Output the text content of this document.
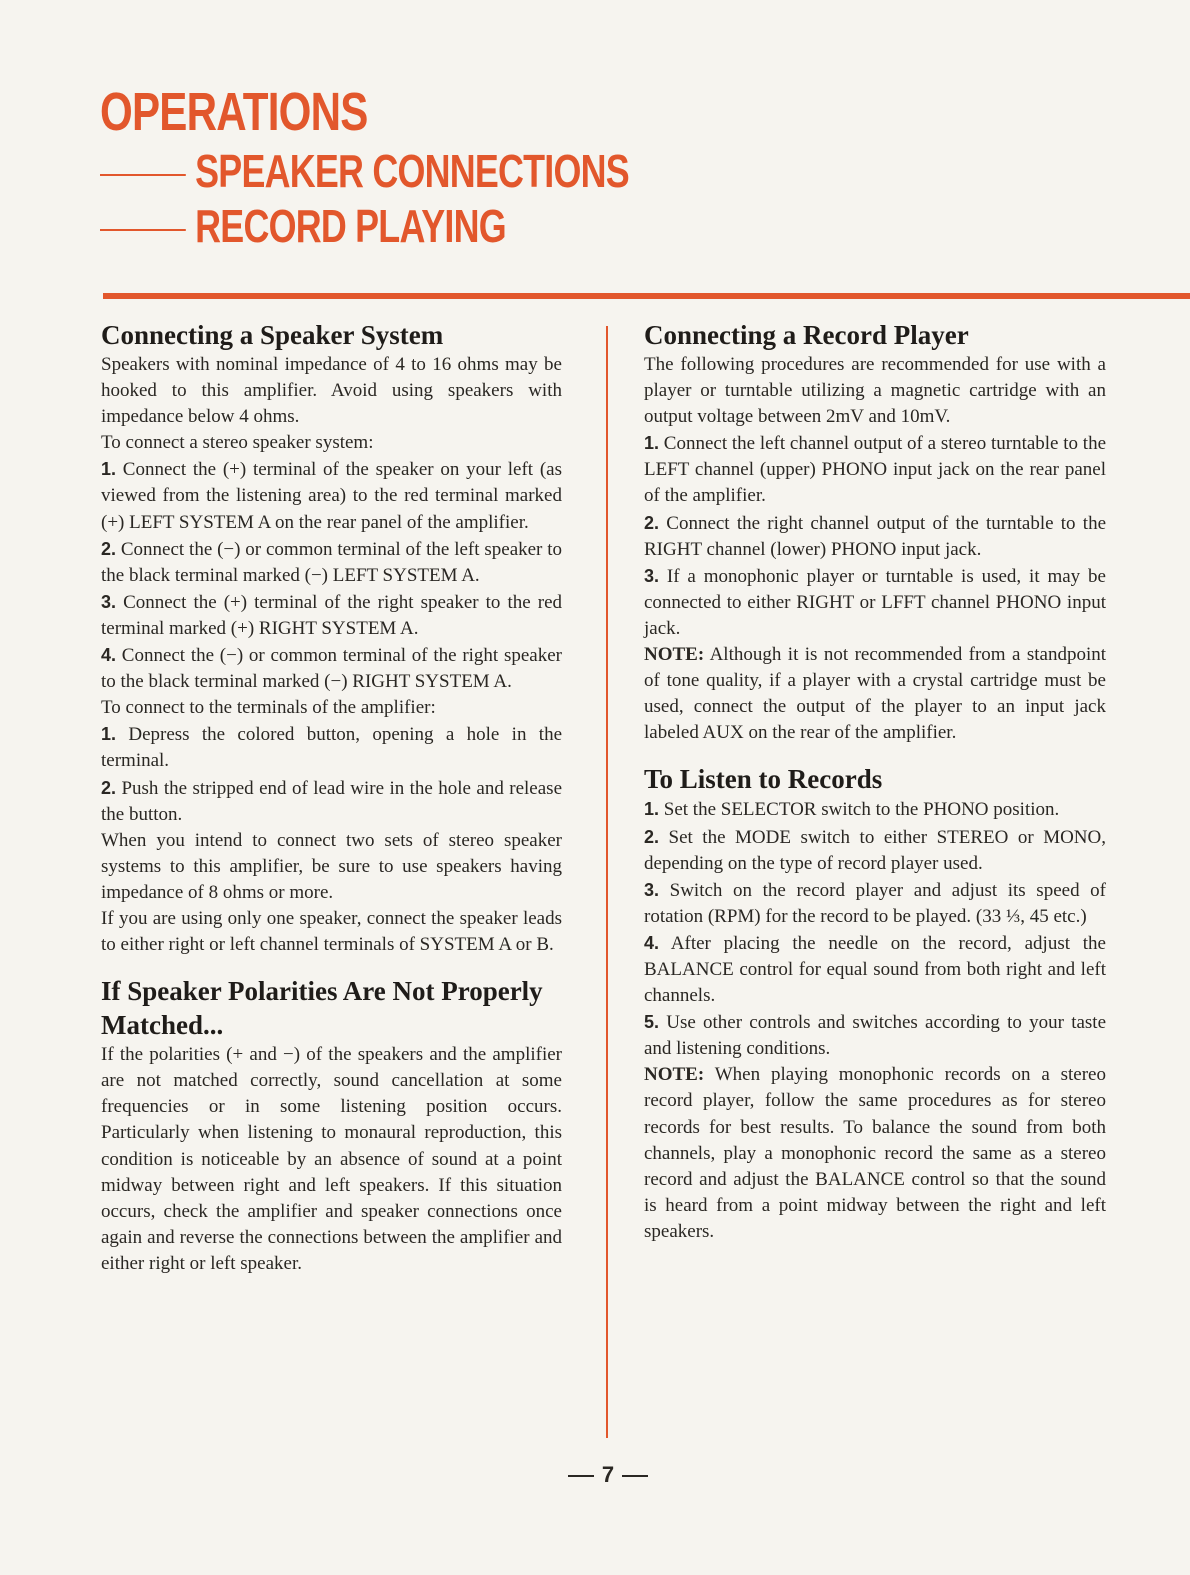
OPERATIONS
SPEAKER CONNECTIONS
RECORD PLAYING
Connecting a Speaker System

Speakers with nominal impedance of 4 to 16 ohms may be hooked to this amplifier. Avoid using speakers with impedance below 4 ohms.

To connect a stereo speaker system:

1. Connect the (+) terminal of the speaker on your left (as viewed from the listening area) to the red terminal marked (+) LEFT SYSTEM A on the rear panel of the amplifier.

2. Connect the (−) or common terminal of the left speaker to the black terminal marked (−) LEFT SYSTEM A.

3. Connect the (+) terminal of the right speaker to the red terminal marked (+) RIGHT SYSTEM A.

4. Connect the (−) or common terminal of the right speaker to the black terminal marked (−) RIGHT SYSTEM A.

To connect to the terminals of the amplifier:

1. Depress the colored button, opening a hole in the terminal.

2. Push the stripped end of lead wire in the hole and release the button.

When you intend to connect two sets of stereo speaker systems to this amplifier, be sure to use speakers having impedance of 8 ohms or more.

If you are using only one speaker, connect the speaker leads to either right or left channel terminals of SYSTEM A or B.

If Speaker Polarities Are Not Properly Matched...

If the polarities (+ and −) of the speakers and the amplifier are not matched correctly, sound cancellation at some frequencies or in some listening position occurs. Particularly when listening to monaural reproduction, this condition is noticeable by an absence of sound at a point midway between right and left speakers. If this situation occurs, check the amplifier and speaker connections once again and reverse the connections between the amplifier and either right or left speaker.

Connecting a Record Player

The following procedures are recommended for use with a player or turntable utilizing a magnetic cartridge with an output voltage between 2mV and 10mV.

1. Connect the left channel output of a stereo turntable to the LEFT channel (upper) PHONO input jack on the rear panel of the amplifier.

2. Connect the right channel output of the turntable to the RIGHT channel (lower) PHONO input jack.

3. If a monophonic player or turntable is used, it may be connected to either RIGHT or LFFT channel PHONO input jack.

NOTE: Although it is not recommended from a standpoint of tone quality, if a player with a crystal cartridge must be used, connect the output of the player to an input jack labeled AUX on the rear of the amplifier.

To Listen to Records

1. Set the SELECTOR switch to the PHONO position.

2. Set the MODE switch to either STEREO or MONO, depending on the type of record player used.

3. Switch on the record player and adjust its speed of rotation (RPM) for the record to be played. (33 ⅓, 45 etc.)

4. After placing the needle on the record, adjust the BALANCE control for equal sound from both right and left channels.

5. Use other controls and switches according to your taste and listening conditions.

NOTE: When playing monophonic records on a stereo record player, follow the same procedures as for stereo records for best results. To balance the sound from both channels, play a monophonic record the same as a stereo record and adjust the BALANCE control so that the sound is heard from a point midway between the right and left speakers.

7
